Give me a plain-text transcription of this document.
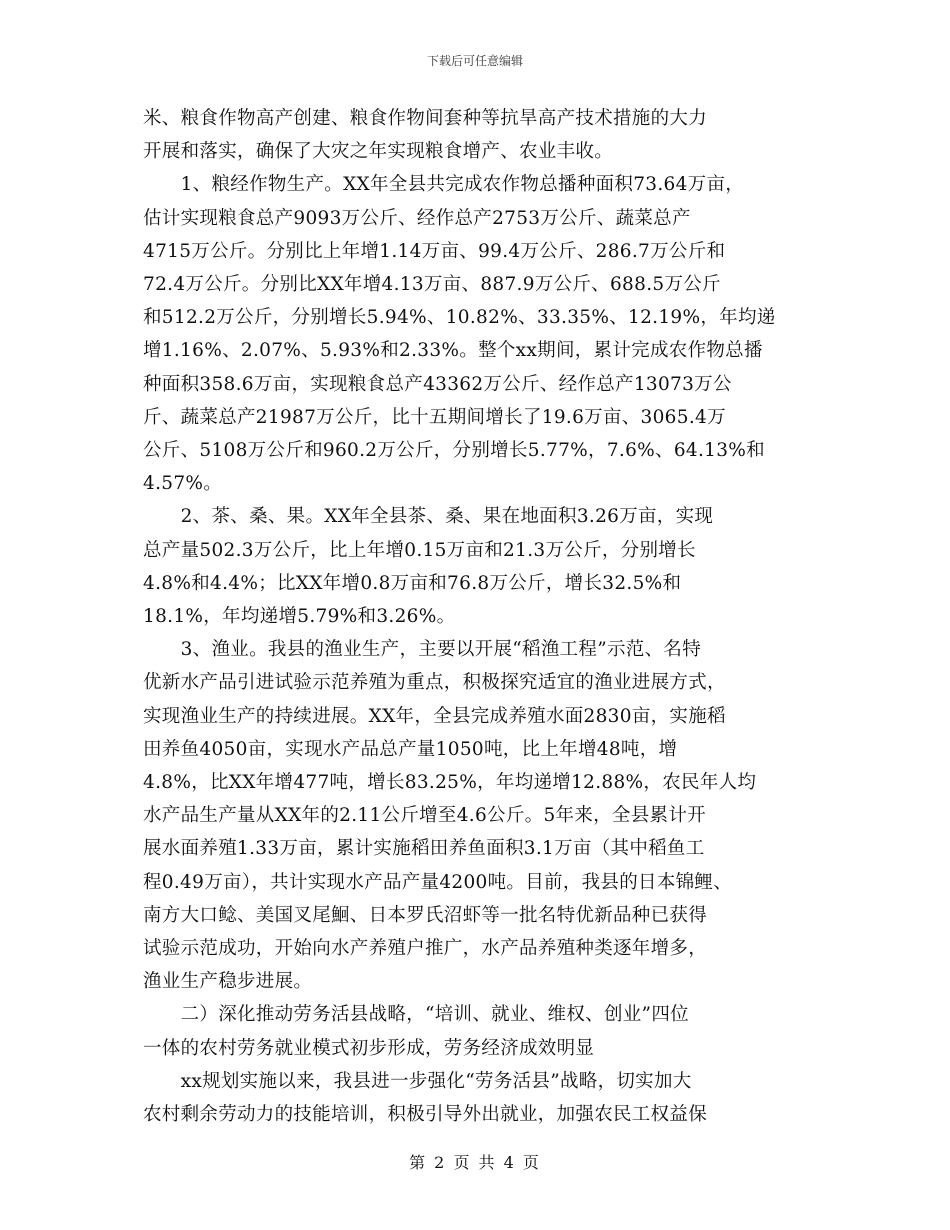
下载后可任意编辑
米、粮食作物高产创建、粮食作物间套种等抗旱高产技术措施的大力
开展和落实，确保了大灾之年实现粮食增产、农业丰收。
　　1、粮经作物生产。XX年全县共完成农作物总播种面积73.64万亩，
估计实现粮食总产9093万公斤、经作总产2753万公斤、蔬菜总产
4715万公斤。分别比上年增1.14万亩、99.4万公斤、286.7万公斤和
72.4万公斤。分别比XX年增4.13万亩、887.9万公斤、688.5万公斤
和512.2万公斤，分别增长5.94%、10.82%、33.35%、12.19%，年均递
增1.16%、2.07%、5.93%和2.33%。整个xx期间，累计完成农作物总播
种面积358.6万亩，实现粮食总产43362万公斤、经作总产13073万公
斤、蔬菜总产21987万公斤，比十五期间增长了19.6万亩、3065.4万
公斤、5108万公斤和960.2万公斤，分别增长5.77%，7.6%、64.13%和
4.57%。
　　2、茶、桑、果。XX年全县茶、桑、果在地面积3.26万亩，实现
总产量502.3万公斤，比上年增0.15万亩和21.3万公斤，分别增长
4.8%和4.4%；比XX年增0.8万亩和76.8万公斤，增长32.5%和
18.1%，年均递增5.79%和3.26%。
　　3、渔业。我县的渔业生产，主要以开展“稻渔工程”示范、名特
优新水产品引进试验示范养殖为重点，积极探究适宜的渔业进展方式，
实现渔业生产的持续进展。XX年，全县完成养殖水面2830亩，实施稻
田养鱼4050亩，实现水产品总产量1050吨，比上年增48吨，增
4.8%，比XX年增477吨，增长83.25%，年均递增12.88%，农民年人均
水产品生产量从XX年的2.11公斤增至4.6公斤。5年来，全县累计开
展水面养殖1.33万亩，累计实施稻田养鱼面积3.1万亩（其中稻鱼工
程0.49万亩），共计实现水产品产量4200吨。目前，我县的日本锦鲤、
南方大口鲶、美国叉尾鮰、日本罗氏沼虾等一批名特优新品种已获得
试验示范成功，开始向水产养殖户推广，水产品养殖种类逐年增多，
渔业生产稳步进展。
　　二）深化推动劳务活县战略，“培训、就业、维权、创业”四位
一体的农村劳务就业模式初步形成，劳务经济成效明显
　　xx规划实施以来，我县进一步强化“劳务活县”战略，切实加大
农村剩余劳动力的技能培训，积极引导外出就业，加强农民工权益保
第 2 页 共 4 页
